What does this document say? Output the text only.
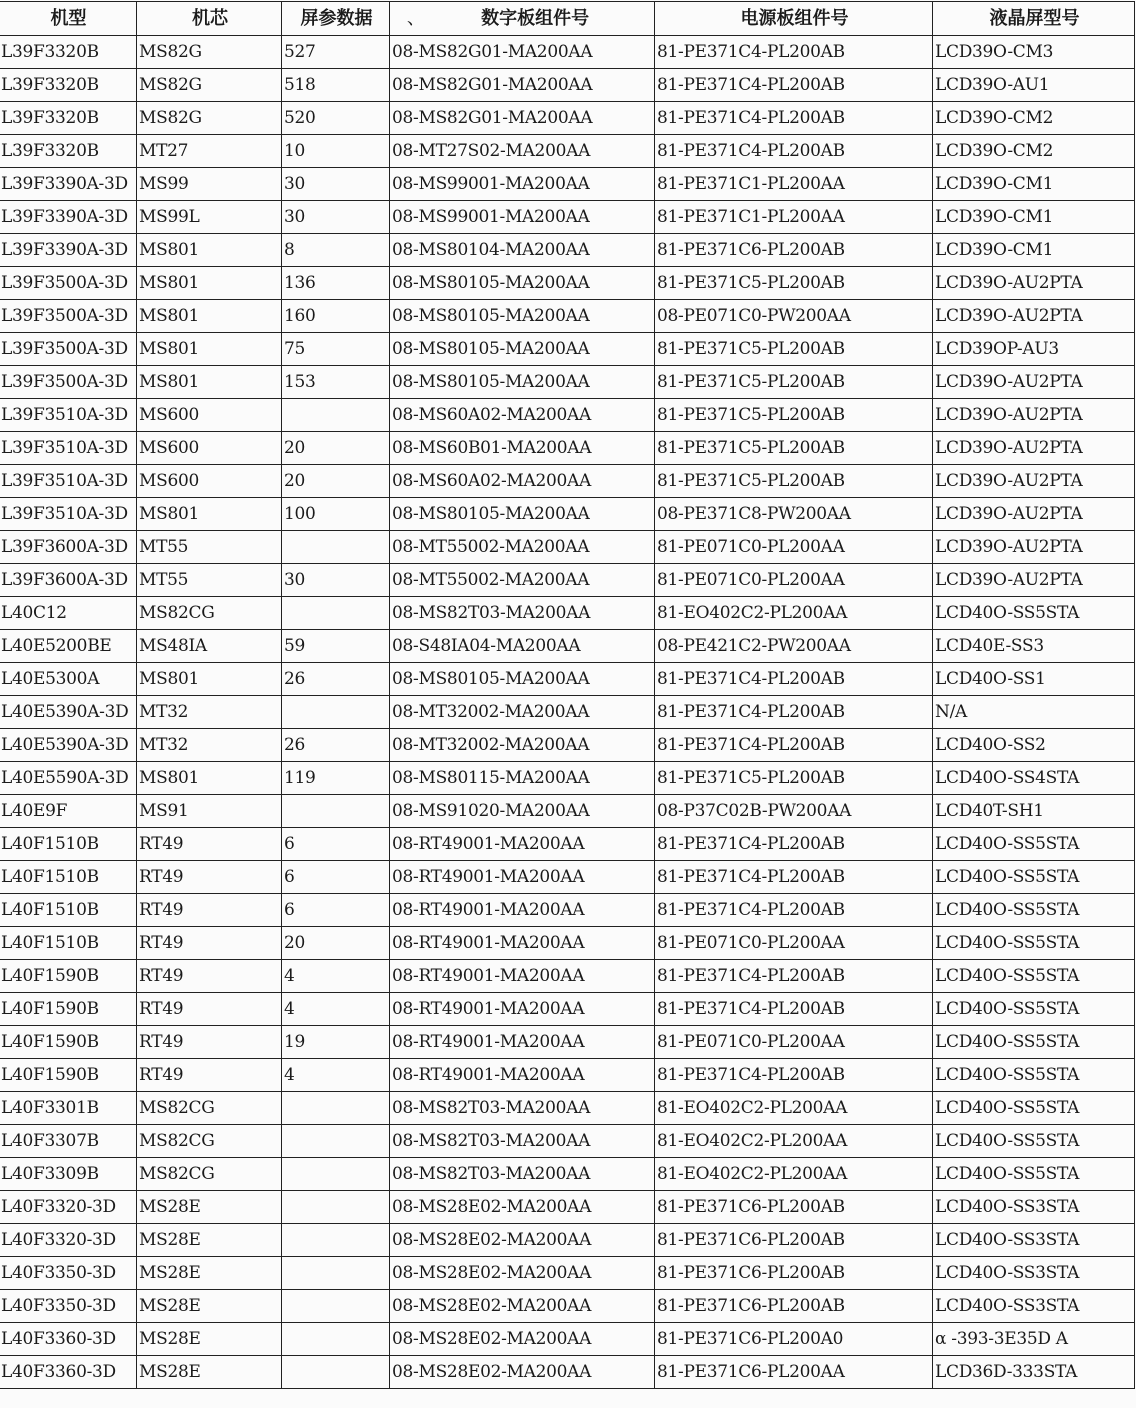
机型	机芯	屏参数据	、 数字板组件号	电源板组件号	液晶屏型号
L39F3320B	MS82G	527	08-MS82G01-MA200AA	81-PE371C4-PL200AB	LCD39O-CM3
L39F3320B	MS82G	518	08-MS82G01-MA200AA	81-PE371C4-PL200AB	LCD39O-AU1
L39F3320B	MS82G	520	08-MS82G01-MA200AA	81-PE371C4-PL200AB	LCD39O-CM2
L39F3320B	MT27	10	08-MT27S02-MA200AA	81-PE371C4-PL200AB	LCD39O-CM2
L39F3390A-3D	MS99	30	08-MS99001-MA200AA	81-PE371C1-PL200AA	LCD39O-CM1
L39F3390A-3D	MS99L	30	08-MS99001-MA200AA	81-PE371C1-PL200AA	LCD39O-CM1
L39F3390A-3D	MS801	8	08-MS80104-MA200AA	81-PE371C6-PL200AB	LCD39O-CM1
L39F3500A-3D	MS801	136	08-MS80105-MA200AA	81-PE371C5-PL200AB	LCD39O-AU2PTA
L39F3500A-3D	MS801	160	08-MS80105-MA200AA	08-PE071C0-PW200AA	LCD39O-AU2PTA
L39F3500A-3D	MS801	75	08-MS80105-MA200AA	81-PE371C5-PL200AB	LCD39OP-AU3
L39F3500A-3D	MS801	153	08-MS80105-MA200AA	81-PE371C5-PL200AB	LCD39O-AU2PTA
L39F3510A-3D	MS600		08-MS60A02-MA200AA	81-PE371C5-PL200AB	LCD39O-AU2PTA
L39F3510A-3D	MS600	20	08-MS60B01-MA200AA	81-PE371C5-PL200AB	LCD39O-AU2PTA
L39F3510A-3D	MS600	20	08-MS60A02-MA200AA	81-PE371C5-PL200AB	LCD39O-AU2PTA
L39F3510A-3D	MS801	100	08-MS80105-MA200AA	08-PE371C8-PW200AA	LCD39O-AU2PTA
L39F3600A-3D	MT55		08-MT55002-MA200AA	81-PE071C0-PL200AA	LCD39O-AU2PTA
L39F3600A-3D	MT55	30	08-MT55002-MA200AA	81-PE071C0-PL200AA	LCD39O-AU2PTA
L40C12	MS82CG		08-MS82T03-MA200AA	81-EO402C2-PL200AA	LCD40O-SS5STA
L40E5200BE	MS48IA	59	08-S48IA04-MA200AA	08-PE421C2-PW200AA	LCD40E-SS3
L40E5300A	MS801	26	08-MS80105-MA200AA	81-PE371C4-PL200AB	LCD40O-SS1
L40E5390A-3D	MT32		08-MT32002-MA200AA	81-PE371C4-PL200AB	N/A
L40E5390A-3D	MT32	26	08-MT32002-MA200AA	81-PE371C4-PL200AB	LCD40O-SS2
L40E5590A-3D	MS801	119	08-MS80115-MA200AA	81-PE371C5-PL200AB	LCD40O-SS4STA
L40E9F	MS91		08-MS91020-MA200AA	08-P37C02B-PW200AA	LCD40T-SH1
L40F1510B	RT49	6	08-RT49001-MA200AA	81-PE371C4-PL200AB	LCD40O-SS5STA
L40F1510B	RT49	6	08-RT49001-MA200AA	81-PE371C4-PL200AB	LCD40O-SS5STA
L40F1510B	RT49	6	08-RT49001-MA200AA	81-PE371C4-PL200AB	LCD40O-SS5STA
L40F1510B	RT49	20	08-RT49001-MA200AA	81-PE071C0-PL200AA	LCD40O-SS5STA
L40F1590B	RT49	4	08-RT49001-MA200AA	81-PE371C4-PL200AB	LCD40O-SS5STA
L40F1590B	RT49	4	08-RT49001-MA200AA	81-PE371C4-PL200AB	LCD40O-SS5STA
L40F1590B	RT49	19	08-RT49001-MA200AA	81-PE071C0-PL200AA	LCD40O-SS5STA
L40F1590B	RT49	4	08-RT49001-MA200AA	81-PE371C4-PL200AB	LCD40O-SS5STA
L40F3301B	MS82CG		08-MS82T03-MA200AA	81-EO402C2-PL200AA	LCD40O-SS5STA
L40F3307B	MS82CG		08-MS82T03-MA200AA	81-EO402C2-PL200AA	LCD40O-SS5STA
L40F3309B	MS82CG		08-MS82T03-MA200AA	81-EO402C2-PL200AA	LCD40O-SS5STA
L40F3320-3D	MS28E		08-MS28E02-MA200AA	81-PE371C6-PL200AB	LCD40O-SS3STA
L40F3320-3D	MS28E		08-MS28E02-MA200AA	81-PE371C6-PL200AB	LCD40O-SS3STA
L40F3350-3D	MS28E		08-MS28E02-MA200AA	81-PE371C6-PL200AB	LCD40O-SS3STA
L40F3350-3D	MS28E		08-MS28E02-MA200AA	81-PE371C6-PL200AB	LCD40O-SS3STA
L40F3360-3D	MS28E		08-MS28E02-MA200AA	81-PE371C6-PL200A0	α -393-3E35D A
L40F3360-3D	MS28E		08-MS28E02-MA200AA	81-PE371C6-PL200AA	LCD36D-333STA
